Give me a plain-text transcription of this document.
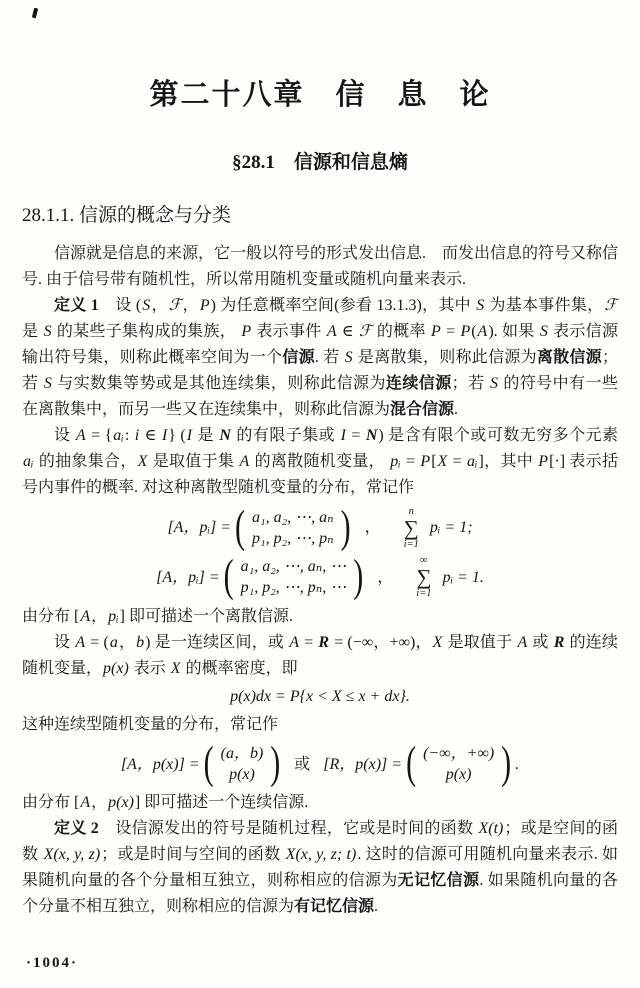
第二十八章　信　息　论
§28.1　信源和信息熵
28.1.1. 信源的概念与分类

信源就是信息的来源，它一般以符号的形式发出信息.　而发出信息的符号又称信号. 由于信号带有随机性，所以常用随机变量或随机向量来表示.

定义 1　设 (S，ℱ，P) 为任意概率空间(参看 13.1.3)，其中 S 为基本事件集，ℱ 是 S 的某些子集构成的集族， P 表示事件 A ∈ ℱ 的概率 P = P(A). 如果 S 表示信源输出符号集，则称此概率空间为一个信源. 若 S 是离散集，则称此信源为离散信源；若 S 与实数集等势或是其他连续集，则称此信源为连续信源；若 S 的符号中有一些在离散集中，而另一些又在连续集中，则称此信源为混合信源.

设 A = {aᵢ: i ∈ I} (I 是 N 的有限子集或 I = N) 是含有限个或可数无穷多个元素 aᵢ 的抽象集合，X 是取值于集 A 的离散随机变量， pᵢ = P[X = aᵢ]，其中 P[·] 表示括号内事件的概率. 对这种离散型随机变量的分布，常记作

[A，pᵢ] = ( a₁, a₂, ⋯, aₙ
p₁, p₂, ⋯, pₙ ) ，
n
∑
i=1
pᵢ = 1;
[A，pᵢ] = ( a₁, a₂, ⋯, aₙ, ⋯
p₁, p₂, ⋯, pₙ, ⋯ ) ，
∞
∑
i=1
pᵢ = 1.

由分布 [A，pᵢ] 即可描述一个离散信源.

设 A = (a，b) 是一连续区间，或 A = R = (−∞，+∞)，X 是取值于 A 或 R 的连续随机变量，p(x) 表示 X 的概率密度，即

p(x)dx = P{x < X ≤ x + dx}.

这种连续型随机变量的分布，常记作

[A，p(x)] = ( (a，b)
p(x) ) 或 [R，p(x)] = ( (−∞，+∞)
p(x) ) .

由分布 [A，p(x)] 即可描述一个连续信源.

定义 2　设信源发出的符号是随机过程，它或是时间的函数 X(t)；或是空间的函数 X(x, y, z)；或是时间与空间的函数 X(x, y, z; t). 这时的信源可用随机向量来表示. 如果随机向量的各个分量相互独立，则称相应的信源为无记忆信源. 如果随机向量的各个分量不相互独立，则称相应的信源为有记忆信源.

·1004·
